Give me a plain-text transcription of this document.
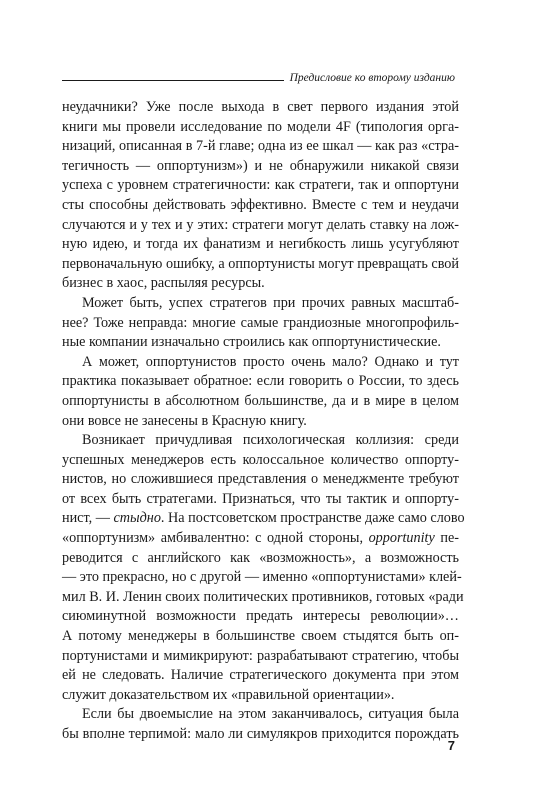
Предисловие ко второму изданию
неудачники? Уже после выхода в свет первого издания этой
книги мы провели исследование по модели 4F (типология орга-
низаций, описанная в 7-й главе; одна из ее шкал — как раз «стра-
тегичность — оппортунизм») и не обнаружили никакой связи
успеха с уровнем стратегичности: как стратеги, так и оппортуни
сты способны действовать эффективно. Вместе с тем и неудачи
случаются и у тех и у этих: стратеги могут делать ставку на лож-
ную идею, и тогда их фанатизм и негибкость лишь усугубляют
первоначальную ошибку, а оппортунисты могут превращать свой
бизнес в хаос, распыляя ресурсы.
Может быть, успех стратегов при прочих равных масштаб-
нее? Тоже неправда: многие самые грандиозные многопрофиль-
ные компании изначально строились как оппортунистические.
А может, оппортунистов просто очень мало? Однако и тут
практика показывает обратное: если говорить о России, то здесь
оппортунисты в абсолютном большинстве, да и в мире в целом
они вовсе не занесены в Красную книгу.
Возникает причудливая психологическая коллизия: среди
успешных менеджеров есть колоссальное количество оппорту-
нистов, но сложившиеся представления о менеджменте требуют
от всех быть стратегами. Признаться, что ты тактик и оппорту-
нист, — стыдно. На постсоветском пространстве даже само слово
«оппортунизм» амбивалентно: с одной стороны, opportunity пе-
реводится с английского как «возможность», а возможность
— это прекрасно, но с другой — именно «оппортунистами» клей-
мил В. И. Ленин своих политических противников, готовых «ради
сиюминутной возможности предать интересы революции»…
А потому менеджеры в большинстве своем стыдятся быть оп-
портунистами и мимикрируют: разрабатывают стратегию, чтобы
ей не следовать. Наличие стратегического документа при этом
служит доказательством их «правильной ориентации».
Если бы двоемыслие на этом заканчивалось, ситуация была
бы вполне терпимой: мало ли симулякров приходится порождать
7
